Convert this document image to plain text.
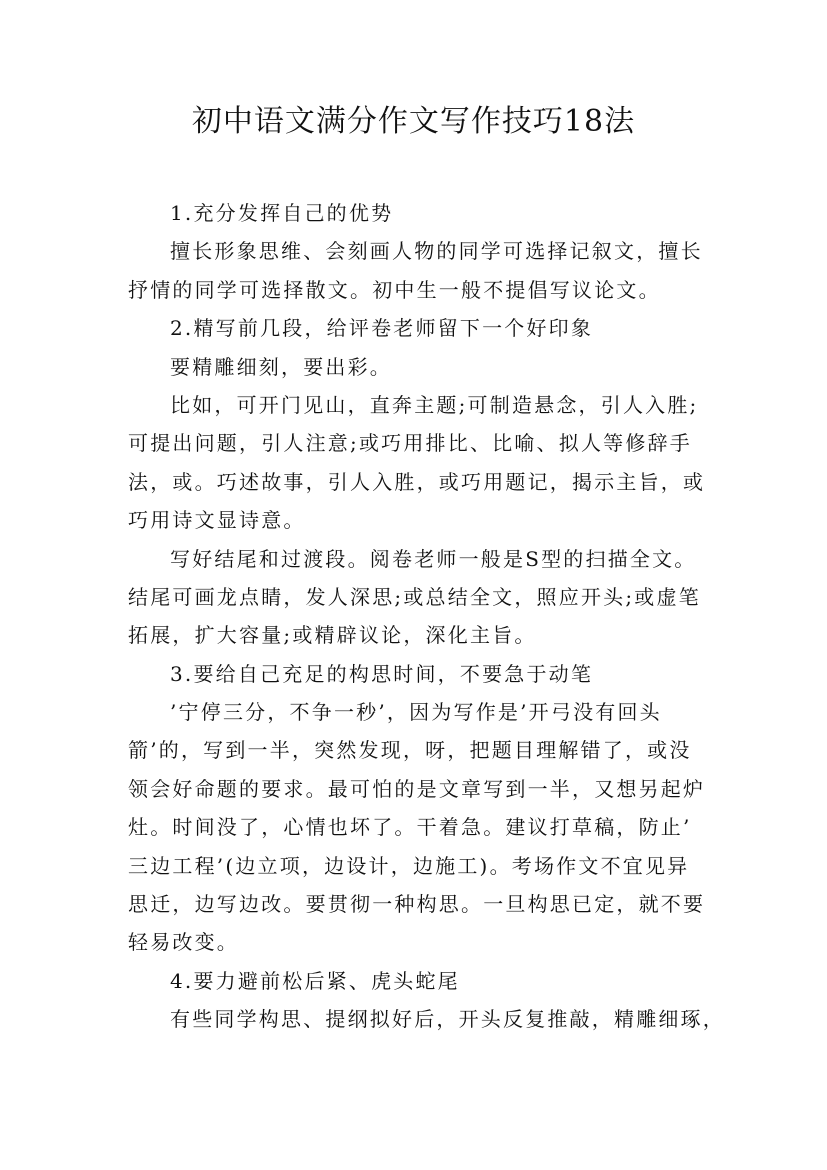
初中语文满分作文写作技巧18法
1.充分发挥自己的优势
擅长形象思维、会刻画人物的同学可选择记叙文，擅长
抒情的同学可选择散文。初中生一般不提倡写议论文。
2.精写前几段，给评卷老师留下一个好印象
要精雕细刻，要出彩。
比如，可开门见山，直奔主题;可制造悬念，引人入胜;
可提出问题，引人注意;或巧用排比、比喻、拟人等修辞手
法，或。巧述故事，引人入胜，或巧用题记，揭示主旨，或
巧用诗文显诗意。
写好结尾和过渡段。阅卷老师一般是S型的扫描全文。
结尾可画龙点睛，发人深思;或总结全文，照应开头;或虚笔
拓展，扩大容量;或精辟议论，深化主旨。
3.要给自己充足的构思时间，不要急于动笔
’宁停三分，不争一秒’，因为写作是’开弓没有回头
箭’的，写到一半，突然发现，呀，把题目理解错了，或没
领会好命题的要求。最可怕的是文章写到一半，又想另起炉
灶。时间没了，心情也坏了。干着急。建议打草稿，防止’
三边工程’(边立项，边设计，边施工)。考场作文不宜见异
思迁，边写边改。要贯彻一种构思。一旦构思已定，就不要
轻易改变。
4.要力避前松后紧、虎头蛇尾
有些同学构思、提纲拟好后，开头反复推敲，精雕细琢，
